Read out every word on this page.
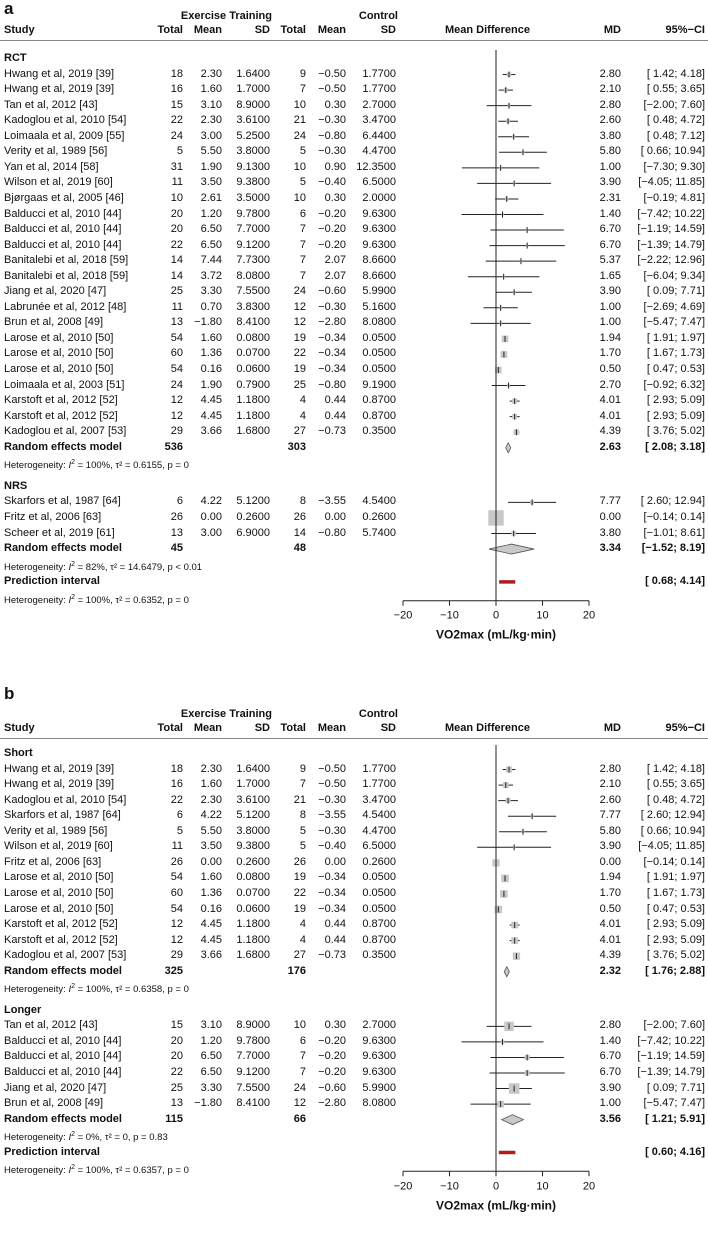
−20	−10	0	10	20
VO2max (mL/kg·min)
a	Exercise Training	Control
Study	Total Mean	SD Total Mean	SD	Mean Difference	MD	95%−CI
RCT
Hwang et al, 2019 [39]	18 2.30 1.6400	9 −0.50 1.7700	2.80 [ 1.42; 4.18]
Hwang et al, 2019 [39]	16 1.60 1.7000	7 −0.50 1.7700	2.10 [ 0.55; 3.65]
Tan et al, 2012 [43]	15 3.10 8.9000 10 0.30 2.7000	2.80 [−2.00; 7.60]
Kadoglou et al, 2010 [54]	22 2.30 3.6100 21 −0.30 3.4700	2.60 [ 0.48; 4.72]
Loimaala et al, 2009 [55]	24 3.00 5.2500 24 −0.80 6.4400	3.80 [ 0.48; 7.12]
Verity et al, 1989 [56]	5 5.50 3.8000	5 −0.30 4.4700	5.80 [ 0.66; 10.94]
Yan et al, 2014 [58]	31 1.90 9.1300 10 0.90 12.3500	1.00 [−7.30; 9.30]
Wilson et al, 2019 [60]	11 3.50 9.3800	5 −0.40 6.5000	3.90 [−4.05; 11.85]
Bjørgaas et al, 2005 [46]	10 2.61 3.5000 10 0.30 2.0000	2.31 [−0.19; 4.81]
Balducci et al, 2010 [44]	20 1.20 9.7800	6 −0.20 9.6300	1.40 [−7.42; 10.22]
Balducci et al, 2010 [44]	20 6.50 7.7000	7 −0.20 9.6300	6.70 [−1.19; 14.59]
Balducci et al, 2010 [44]	22 6.50 9.1200	7 −0.20 9.6300	6.70 [−1.39; 14.79]
Banitalebi et al, 2018 [59]	14 7.44 7.7300	7 2.07 8.6600	5.37 [−2.22; 12.96]
Banitalebi et al, 2018 [59]	14 3.72 8.0800	7 2.07 8.6600	1.65 [−6.04; 9.34]
Jiang et al, 2020 [47]	25 3.30 7.5500 24 −0.60 5.9900	3.90 [ 0.09; 7.71]
Labrunée et al, 2012 [48]	11 0.70 3.8300 12 −0.30 5.1600	1.00 [−2.69; 4.69]
Brun et al, 2008 [49]	13 −1.80 8.4100 12 −2.80 8.0800	1.00 [−5.47; 7.47]
Larose et al, 2010 [50]	54 1.60 0.0800 19 −0.34 0.0500	1.94 [ 1.91; 1.97]
Larose et al, 2010 [50]	60 1.36 0.0700 22 −0.34 0.0500	1.70 [ 1.67; 1.73]
Larose et al, 2010 [50]	54 0.16 0.0600 19 −0.34 0.0500	0.50 [ 0.47; 0.53]
Loimaala et al, 2003 [51]	24 1.90 0.7900 25 −0.80 9.1900	2.70 [−0.92; 6.32]
Karstoft et al, 2012 [52]	12 4.45 1.1800	4 0.44 0.8700	4.01 [ 2.93; 5.09]
Karstoft et al, 2012 [52]	12 4.45 1.1800	4 0.44 0.8700	4.01 [ 2.93; 5.09]
Kadoglou et al, 2007 [53]	29 3.66 1.6800 27 −0.73 0.3500	4.39 [ 3.76; 5.02]
Random effects model	536	303	2.63 [ 2.08; 3.18]
Heterogeneity: $I^2 = 100\%$, τ² = 0.6155, p = 0
NRS
Skarfors et al, 1987 [64]	6 4.22 5.1200	8 −3.55 4.5400	7.77 [ 2.60; 12.94]
Fritz et al, 2006 [63]	26 0.00 0.2600 26 0.00 0.2600	0.00 [−0.14; 0.14]
Scheer et al, 2019 [61]	13 3.00 6.9000 14 −0.80 5.7400	3.80 [−1.01; 8.61]
Random effects model	45	48	3.34 [−1.52; 8.19]
Heterogeneity: $I^2 = 82\%$, τ² = 14.6479, p < 0.01
Prediction interval	[ 0.68; 4.14]
Heterogeneity: $I^2 = 100\%$, τ² = 0.6352, p = 0
−20	−10	0	10	20
VO2max (mL/kg·min)
b
Exercise Training	Control
Study	Total Mean	SD Total Mean	SD	Mean Difference	MD	95%−CI
Short
Hwang et al, 2019 [39]	18 2.30 1.6400	9 −0.50 1.7700	2.80 [ 1.42; 4.18]
Hwang et al, 2019 [39]	16 1.60 1.7000	7 −0.50 1.7700	2.10 [ 0.55; 3.65]
Kadoglou et al, 2010 [54]	22 2.30 3.6100 21 −0.30 3.4700	2.60 [ 0.48; 4.72]
Skarfors et al, 1987 [64]	6 4.22 5.1200	8 −3.55 4.5400	7.77 [ 2.60; 12.94]
Verity et al, 1989 [56]	5 5.50 3.8000	5 −0.30 4.4700	5.80 [ 0.66; 10.94]
Wilson et al, 2019 [60]	11 3.50 9.3800	5 −0.40 6.5000	3.90 [−4.05; 11.85]
Fritz et al, 2006 [63]	26 0.00 0.2600 26 0.00 0.2600	0.00 [−0.14; 0.14]
Larose et al, 2010 [50]	54 1.60 0.0800 19 −0.34 0.0500	1.94 [ 1.91; 1.97]
Larose et al, 2010 [50]	60 1.36 0.0700 22 −0.34 0.0500	1.70 [ 1.67; 1.73]
Larose et al, 2010 [50]	54 0.16 0.0600 19 −0.34 0.0500	0.50 [ 0.47; 0.53]
Karstoft et al, 2012 [52]	12 4.45 1.1800	4 0.44 0.8700	4.01 [ 2.93; 5.09]
Karstoft et al, 2012 [52]	12 4.45 1.1800	4 0.44 0.8700	4.01 [ 2.93; 5.09]
Kadoglou et al, 2007 [53]	29 3.66 1.6800 27 −0.73 0.3500	4.39 [ 3.76; 5.02]
Random effects model	325	176	2.32 [ 1.76; 2.88]
Heterogeneity: $I^2 = 100\%$, τ² = 0.6358, p = 0
Longer
Tan et al, 2012 [43]	15 3.10 8.9000 10 0.30 2.7000	2.80 [−2.00; 7.60]
Balducci et al, 2010 [44]	20 1.20 9.7800	6 −0.20 9.6300	1.40 [−7.42; 10.22]
Balducci et al, 2010 [44]	20 6.50 7.7000	7 −0.20 9.6300	6.70 [−1.19; 14.59]
Balducci et al, 2010 [44]	22 6.50 9.1200	7 −0.20 9.6300	6.70 [−1.39; 14.79]
Jiang et al, 2020 [47]	25 3.30 7.5500 24 −0.60 5.9900	3.90 [ 0.09; 7.71]
Brun et al, 2008 [49]	13 −1.80 8.4100 12 −2.80 8.0800	1.00 [−5.47; 7.47]
Random effects model	115	66	3.56 [ 1.21; 5.91]
Heterogeneity: $I^2 = 0\%$, τ² = 0, p = 0.83
Prediction interval	[ 0.60; 4.16]
Heterogeneity: $I^2 = 100\%$, τ² = 0.6357, p = 0
